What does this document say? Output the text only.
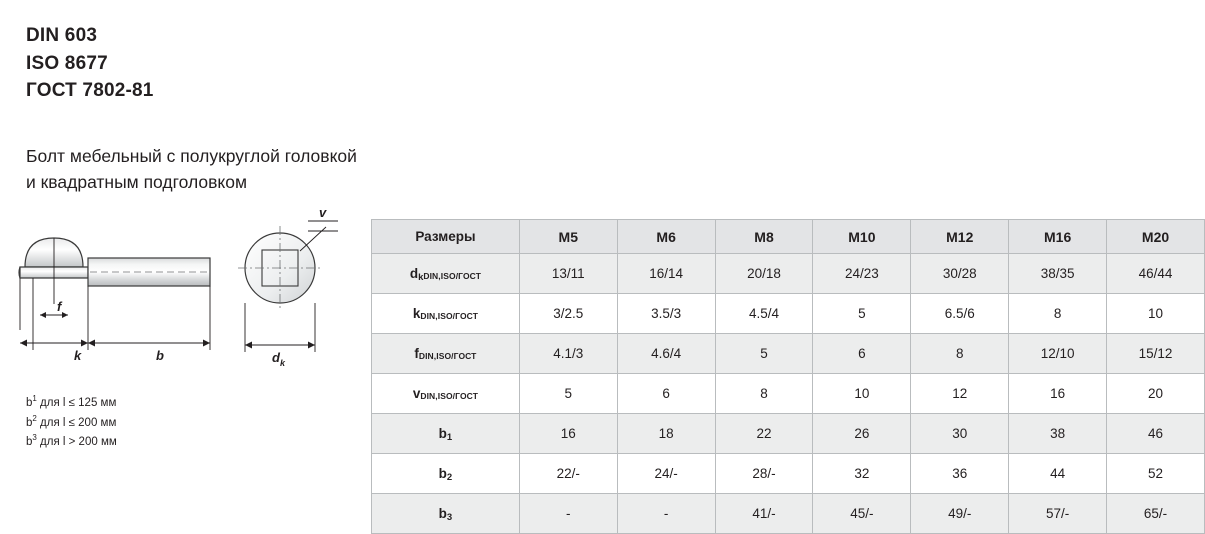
DIN 603
ISO 8677
ГОСТ 7802-81
Болт мебельный с полукруглой головкой
и квадратным подголовком
f
k	b	$d_k$
v
$b^1$ для l ≤ 125 мм
$b^2$ для l ≤ 200 мм
$b^3$ для l > 200 мм
Размеры	M5	M6	M8	M10	M12	M16	M20
dkDIN,ISO/ГОСТ	13/11	16/14	20/18	24/23	30/28	38/35	46/44
kDIN,ISO/ГОСТ	3/2.5	3.5/3	4.5/4	5	6.5/6	8	10
fDIN,ISO/ГОСТ	4.1/3	4.6/4	5	6	8	12/10	15/12
vDIN,ISO/ГОСТ	5	6	8	10	12	16	20
b1	16	18	22	26	30	38	46
b2	22/-	24/-	28/-	32	36	44	52
b3	-	-	41/-	45/-	49/-	57/-	65/-
